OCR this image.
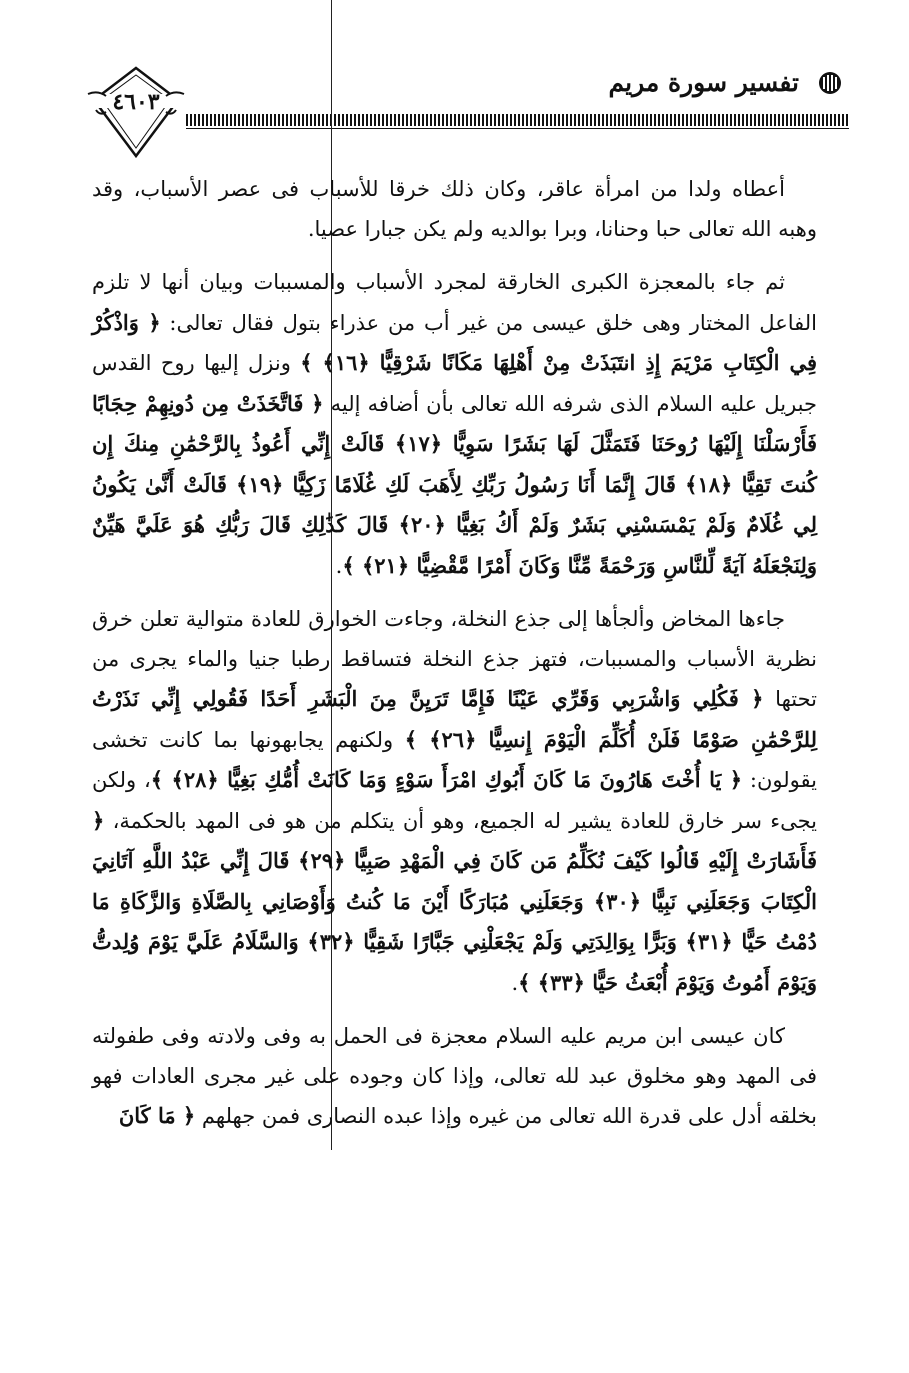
تفسير سورة مريم
٤٦٠٣

أعطاه ولدا من امرأة عاقر، وكان ذلك خرقا للأسباب فى عصر الأسباب، وقد وهبه الله تعالى حبا وحنانا، وبرا بوالديه ولم يكن جبارا عصيا.

ثم جاء بالمعجزة الكبرى الخارقة لمجرد الأسباب والمسببات وبيان أنها لا تلزم الفاعل المختار وهى خلق عيسى من غير أب من عذراء بتول فقال تعالى: ﴿ وَاذْكُرْ فِي الْكِتَابِ مَرْيَمَ إِذِ انتَبَذَتْ مِنْ أَهْلِهَا مَكَانًا شَرْقِيًّا ﴿١٦﴾ ﴾ ونزل إليها روح القدس جبريل عليه السلام الذى شرفه الله تعالى بأن أضافه إليه ﴿ فَاتَّخَذَتْ مِن دُونِهِمْ حِجَابًا فَأَرْسَلْنَا إِلَيْهَا رُوحَنَا فَتَمَثَّلَ لَهَا بَشَرًا سَوِيًّا ﴿١٧﴾ قَالَتْ إِنِّي أَعُوذُ بِالرَّحْمَٰنِ مِنكَ إِن كُنتَ تَقِيًّا ﴿١٨﴾ قَالَ إِنَّمَا أَنَا رَسُولُ رَبِّكِ لِأَهَبَ لَكِ غُلَامًا زَكِيًّا ﴿١٩﴾ قَالَتْ أَنَّىٰ يَكُونُ لِي غُلَامٌ وَلَمْ يَمْسَسْنِي بَشَرٌ وَلَمْ أَكُ بَغِيًّا ﴿٢٠﴾ قَالَ كَذَٰلِكِ قَالَ رَبُّكِ هُوَ عَلَيَّ هَيِّنٌ وَلِنَجْعَلَهُ آيَةً لِّلنَّاسِ وَرَحْمَةً مِّنَّا وَكَانَ أَمْرًا مَّقْضِيًّا ﴿٢١﴾ ﴾.

جاءها المخاض وألجأها إلى جذع النخلة، وجاءت الخوارق للعادة متوالية تعلن خرق نظرية الأسباب والمسببات، فتهز جذع النخلة فتساقط رطبا جنيا والماء يجرى من تحتها ﴿ فَكُلِي وَاشْرَبِي وَقَرِّي عَيْنًا فَإِمَّا تَرَيِنَّ مِنَ الْبَشَرِ أَحَدًا فَقُولِي إِنِّي نَذَرْتُ لِلرَّحْمَٰنِ صَوْمًا فَلَنْ أُكَلِّمَ الْيَوْمَ إِنسِيًّا ﴿٢٦﴾ ﴾ ولكنهم يجابهونها بما كانت تخشى يقولون: ﴿ يَا أُخْتَ هَارُونَ مَا كَانَ أَبُوكِ امْرَأَ سَوْءٍ وَمَا كَانَتْ أُمُّكِ بَغِيًّا ﴿٢٨﴾ ﴾، ولكن يجىء سر خارق للعادة يشير له الجميع، وهو أن يتكلم من هو فى المهد بالحكمة، ﴿ فَأَشَارَتْ إِلَيْهِ قَالُوا كَيْفَ نُكَلِّمُ مَن كَانَ فِي الْمَهْدِ صَبِيًّا ﴿٢٩﴾ قَالَ إِنِّي عَبْدُ اللَّهِ آتَانِيَ الْكِتَابَ وَجَعَلَنِي نَبِيًّا ﴿٣٠﴾ وَجَعَلَنِي مُبَارَكًا أَيْنَ مَا كُنتُ وَأَوْصَانِي بِالصَّلَاةِ وَالزَّكَاةِ مَا دُمْتُ حَيًّا ﴿٣١﴾ وَبَرًّا بِوَالِدَتِي وَلَمْ يَجْعَلْنِي جَبَّارًا شَقِيًّا ﴿٣٢﴾ وَالسَّلَامُ عَلَيَّ يَوْمَ وُلِدتُّ وَيَوْمَ أَمُوتُ وَيَوْمَ أُبْعَثُ حَيًّا ﴿٣٣﴾ ﴾.

كان عيسى ابن مريم عليه السلام معجزة فى الحمل به وفى ولادته وفى طفولته فى المهد وهو مخلوق عبد لله تعالى، وإذا كان وجوده على غير مجرى العادات فهو بخلقه أدل على قدرة الله تعالى من غيره وإذا عبده النصارى فمن جهلهم ﴿ مَا كَانَ
